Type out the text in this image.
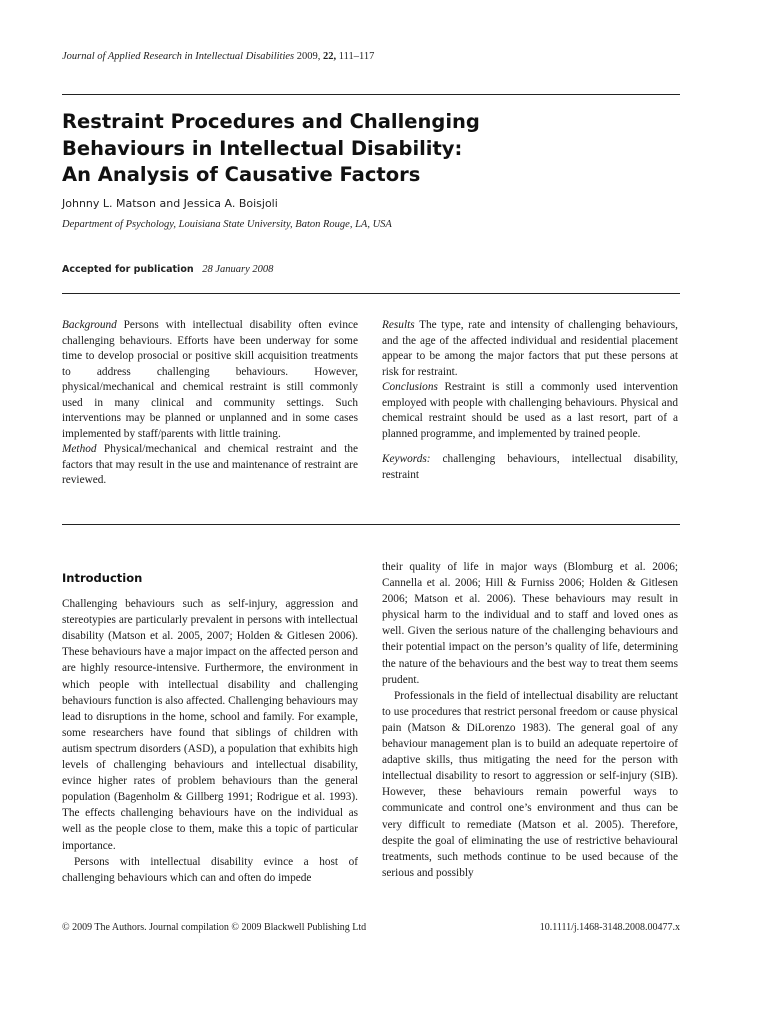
Journal of Applied Research in Intellectual Disabilities 2009, 22, 111–117
Restraint Procedures and Challenging
Behaviours in Intellectual Disability:
An Analysis of Causative Factors
Johnny L. Matson and Jessica A. Boisjoli
Department of Psychology, Louisiana State University, Baton Rouge, LA, USA
Accepted for publication 28 January 2008

Background Persons with intellectual disability often evince challenging behaviours. Efforts have been underway for some time to develop prosocial or positive skill acquisition treatments to address challenging behaviours. However, physical/mechanical and chemical restraint is still commonly used in many clinical and community settings. Such interventions may be planned or unplanned and in some cases implemented by staff/parents with little training.

Method Physical/mechanical and chemical restraint and the factors that may result in the use and maintenance of restraint are reviewed.

Results The type, rate and intensity of challenging behaviours, and the age of the affected individual and residential placement appear to be among the major factors that put these persons at risk for restraint.

Conclusions Restraint is still a commonly used intervention employed with people with challenging behaviours. Physical and chemical restraint should be used as a last resort, part of a planned programme, and implemented by trained people.

Keywords: challenging behaviours, intellectual disability, restraint

Introduction

Challenging behaviours such as self-injury, aggression and stereotypies are particularly prevalent in persons with intellectual disability (Matson et al. 2005, 2007; Holden & Gitlesen 2006). These behaviours have a major impact on the affected person and are highly resource-intensive. Furthermore, the environment in which people with intellectual disability and challenging behaviours function is also affected. Challenging behaviours may lead to disruptions in the home, school and family. For example, some researchers have found that siblings of children with autism spectrum disorders (ASD), a population that exhibits high levels of challenging behaviours and intellectual disability, evince higher rates of problem behaviours than the general population (Bagenholm & Gillberg 1991; Rodrigue et al. 1993). The effects challenging behaviours have on the individual as well as the people close to them, make this a topic of particular importance.

Persons with intellectual disability evince a host of challenging behaviours which can and often do impede

their quality of life in major ways (Blomburg et al. 2006; Cannella et al. 2006; Hill & Furniss 2006; Holden & Gitlesen 2006; Matson et al. 2006). These behaviours may result in physical harm to the individual and to staff and loved ones as well. Given the serious nature of the challenging behaviours and their potential impact on the person’s quality of life, determining the nature of the behaviours and the best way to treat them seems prudent.

Professionals in the field of intellectual disability are reluctant to use procedures that restrict personal freedom or cause physical pain (Matson & DiLorenzo 1983). The general goal of any behaviour management plan is to build an adequate repertoire of adaptive skills, thus mitigating the need for the person with intellectual disability to resort to aggression or self-injury (SIB). However, these behaviours remain powerful ways to communicate and control one’s environment and thus can be very difficult to remediate (Matson et al. 2005). Therefore, despite the goal of eliminating the use of restrictive behavioural treatments, such methods continue to be used because of the serious and possibly

© 2009 The Authors. Journal compilation © 2009 Blackwell Publishing Ltd	10.1111/j.1468-3148.2008.00477.x
